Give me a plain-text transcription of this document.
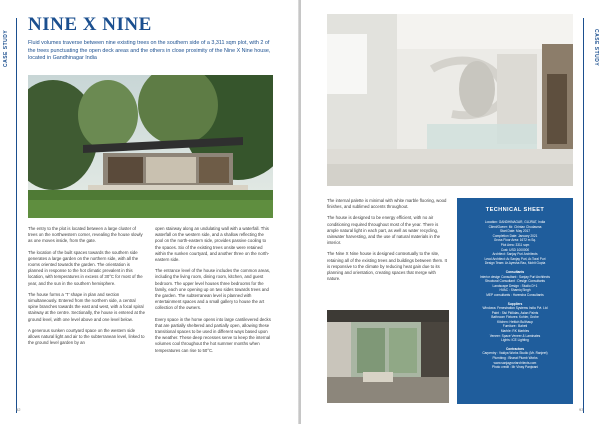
CASE STUDY
NINE X NINE
Fluid volumes traverse between nine existing trees on the southern side of a 3,311 sqm plot, with 2 of the trees punctuating the open deck areas and the others in close proximity of the Nine X Nine house, located in Gandhinagar India

The entry to the plot is located between a large cluster of trees on the northwestern corner, revealing the house slowly as one moves inside, from the gate.

The location of the built spaces towards the southern side generates a large garden on the northern side, with all the rooms oriented towards the garden. The orientation is planned in response to the hot climatic prevalent in this location, with temperatures in excess of 30°C for most of the year, and the sun in the southern hemisphere.

The house forms a ‘T’ shape in plan and section simultaneously. Entered from the northern side, a central spine branches towards the east and west, with a focal spiral stairway at the centre. Sectionally, the house is entered at the ground level, with one level above and one level below.

A generous sunken courtyard space on the western side allows natural light and air to the subterranean level, linked to the ground level garden by an

open stairway along an undulating wall with a waterfall. This waterfall on the western side, and a shallow reflecting the pool on the north-eastern side, provides passive cooling to the spaces. Six of the existing trees onsite were retained within the sunken courtyard, and another three on the north-eastern side.

The entrance level of the house includes the common areas, including the living room, dining room, kitchen, and guest bedroom. The upper level houses three bedrooms for the family, each one opening up on two sides towards trees and the garden. The subterranean level is planned with entertainment spaces and a small gallery to house the art collection of the owners.

Every space in the home opens into large cantilevered decks that are partially sheltered and partially open, allowing these transitional spaces to be used in different ways based upon the weather. These deep recesses serve to keep the internal volumes cool throughout the hot summer months when temperatures can rise to 50°C.

92
CASE STUDY

The internal palette is minimal with white marble flooring, wood finishes, and sublimed accents throughout.

The house is designed to be energy efficient, with no air conditioning required throughout most of the year. There is ample natural light in each part, as well as water recycling, rainwater harvesting, and the use of natural materials in the interior.

The Nine X Nine house is designed contextually to the site, retaining all of the existing trees and buildings between them. It is responsive to the climate by reducing heat gain due to its planning and orientation, creating spaces that merge with nature.

TECHNICAL SHEET
Location: GANDHINAGAR, GUJRAT, India
Client/Owner: Mr. Chintan Chudasma
Start Date: May 2017
Completion Date: January 2021
Gross Floor Area: 1672 m Sq.
Plot Area: 3311 sqm
Cost: USD 1000000
Architect: Sanjay Puri Architects
Lead Architect: Ar.Sanjay Puri, Ar.Toral Puri
Design Team: Ar.Ayesha Rao, Mohit Gupta
Consultants
Interior design Consultant : Sanjay Puri Architects
Structural Consultant : Design Consultants
Landscape Design : Studio D+1
HVAC : Shamiq Singh
MEP consultants : Harendra Consultants
Suppliers
Windows: Fenestration Systems India Pvt. Ltd
Paint : Sisi Pidlidas, Asian Paints
Bathroom Fixtures: Kohler, Grohe
Kitchen: Hettich Bulthaup
Furniture : Baheti
Marble: RK Marbles
Veneer: Space Veneer & Laminates
Lights: ICE Lighting
Contractors
Carpentry : Vaidya Works Studio (Mr. Ranjeet)
Plumbing : Bharat Plumb Works
www.sanjaypuriarchitects.com
Photo credit : Mr Vinay Panjwani
93
